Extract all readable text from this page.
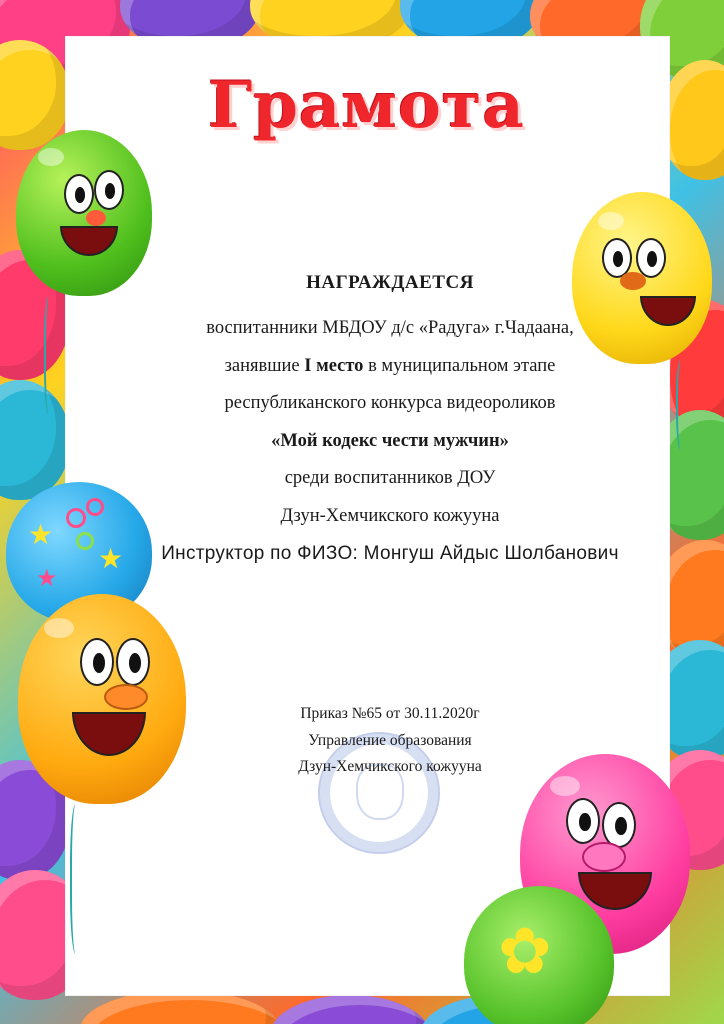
Грамота
★
★
★
✿
НАГРАЖДАЕТСЯ
воспитанники МБДОУ д/с «Радуга» г.Чадаана,
занявшие I место в муниципальном этапе
республиканского конкурса видеороликов
«Мой кодекс чести мужчин»
среди воспитанников ДОУ
Дзун-Хемчикского кожууна
Инструктор по ФИЗО: Монгуш Айдыс Шолбанович
Приказ №65 от 30.11.2020г
Управление образования
Дзун-Хемчикского кожууна
